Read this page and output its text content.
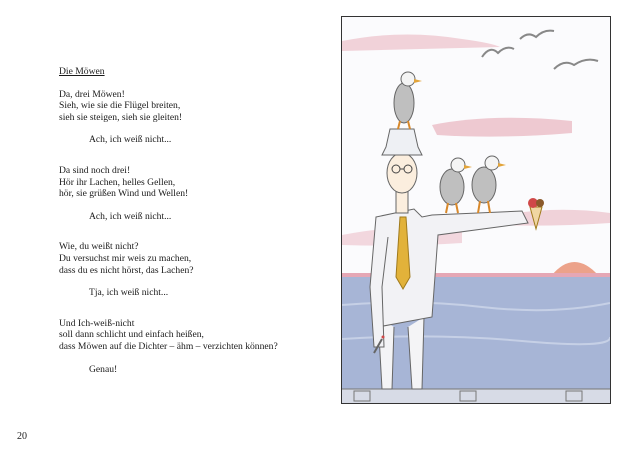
Die Möwen

Da, drei Möwen!
Sieh, wie sie die Flügel breiten,
sieh sie steigen, sieh sie gleiten!
Ach, ich weiß nicht...
Da sind noch drei!
Hör ihr Lachen, helles Gellen,
hör, sie grüßen Wind und Wellen!
Ach, ich weiß nicht...
Wie, du weißt nicht?
Du versuchst mir weis zu machen,
dass du es nicht hörst, das Lachen?
Tja, ich weiß nicht...
Und Ich-weiß-nicht
soll dann schlicht und einfach heißen,
dass Möwen auf die Dichter – ähm – verzichten können?
Genau!
20
